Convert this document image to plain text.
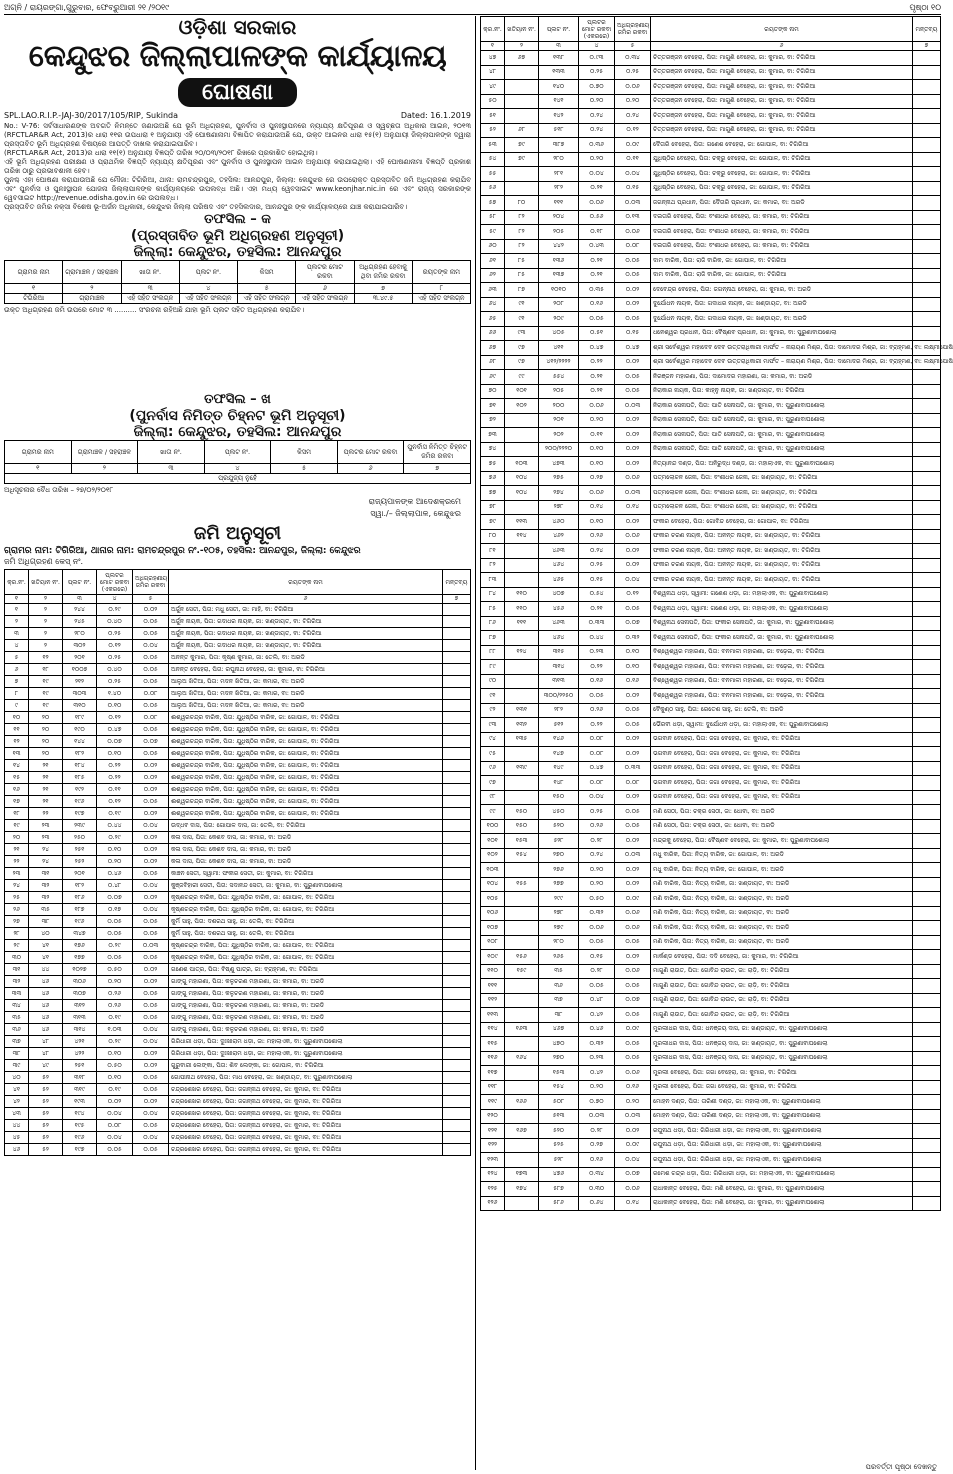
ଅଗ୍ନି / ରାୟରଙ୍ଗା,ଗୁରୁବାର, ଫେବ୍ରୁଆରୀ ୨୧ /୨୦୧୯	ପୃଷ୍ଠା ୧୦
ଓଡ଼ିଶା ସରକାର
କେନ୍ଦୁଝର ଜିଲ୍ଲାପାଳଙ୍କ କାର୍ଯ୍ୟାଳୟ
ଘୋଷଣା
SPL.LAO.R.I.P.-JAJ-30/2017/105/RIP, Sukinda	Dated: 16.1.2019

No.: V-76: ସର୍ବସାଧାରଣଙ୍କ ଅବଗତି ନିମନ୍ତେ ଜଣାଉଅଛି ଯେ ଭୂମି ଅଧିଗ୍ରହଣ, ପୁନର୍ବାସ ଓ ପୁନଃସ୍ଥାପନରେ ନ୍ୟାଯ୍ୟ କ୍ଷତିପୂରଣ ଓ ସ୍ୱଚ୍ଛତା ଅଧିକାର ଆଇନ, ୨୦୧୩ (RFCTLAR&R Act, 2013)ର ଧାରା ୧୧ର ଉପଧାରା ୧ ଅନୁଯାୟୀ ଏହି ଘୋଷଣାନାମା ବିଜ୍ଞାପିତ କରାଯାଉଅଛି ଯେ, ଉକ୍ତ ଆଇନର ଧାରା ୧୫(୧) ଅନୁଯାୟୀ ଜିଲ୍ଲାପାଳଙ୍କ ଦ୍ୱାରା ପ୍ରସ୍ତାବିତ ଭୂମି ଅଧିଗ୍ରହଣ ବିଷୟରେ ଆପତ୍ତି ଦାଖଲ କରାଯାଇପାରିବ।

(RFCTLAR&R Act, 2013)ର ଧାରା ୧୧(୧) ଅନୁଯାୟୀ ବିଜ୍ଞପ୍ତି ତାରିଖ ୨୦/୦୩/୨୦୧୮ ରିଖରେ ପ୍ରକାଶିତ ହୋଇଥିଲା।

ଏହି ଭୂମି ଅଧିଗ୍ରହଣ ପରୀକ୍ଷଣ ଓ ପ୍ରାଥମିକ ବିଜ୍ଞପ୍ତି ନ୍ୟାଯ୍ୟ କ୍ଷତିପୂରଣ ଏବଂ ପୁନର୍ବାସ ଓ ପୁନଃସ୍ଥାପନ ଆଇନ ଅନୁଯାୟୀ କରାଯାଇଥିଲା। ଏହି ଘୋଷଣାନାମା ବିଜ୍ଞପ୍ତି ପ୍ରକାଶ ତାରିଖ ଠାରୁ ପ୍ରଭାବଶାଳୀ ହେବ।

ପୁନଶ୍ଚ ଏହା ଘୋଷଣା କରାଯାଉଅଛି ଯେ ମୌଜା: ଟିଗିରିଆ, ଥାନା: ରାମଚନ୍ଦ୍ରପୁର, ତହସିଲ: ଆନନ୍ଦପୁର, ଜିଲ୍ଲା: କେନ୍ଦୁଝର ରେ ଉପରୋକ୍ତ ପ୍ରସ୍ତାବିତ ଜମି ଅଧିଗ୍ରହଣ କରାଯିବ ଏବଂ ପୁନର୍ବାସ ଓ ପୁନଃସ୍ଥାପନ ଯୋଜନା ଜିଲ୍ଲାପାଳଙ୍କ କାର୍ଯ୍ୟାଳୟରେ ଉପଲବ୍ଧ ଅଛି। ଏହା ମଧ୍ୟ ୱେବସାଇଟ www.keonjhar.nic.in ରେ ଏବଂ ରାଜ୍ୟ ସରକାରଙ୍କ ୱେବସାଇଟ http://revenue.odisha.gov.in ରେ ଉପଲବ୍ଧ।

ପ୍ରସ୍ତାବିତ ଜମିର ନକ୍ସା ବିଶେଷ ଭୂ-ଅର୍ଜନ ଅଧିକାରୀ, କେନ୍ଦୁଝର ଜିଲ୍ଲା ପରିଷଦ ଏବଂ ତହସିଲଦାର, ଆନନ୍ଦପୁର ଙ୍କ କାର୍ଯ୍ୟାଳୟରେ ଯାଞ୍ଚ କରାଯାଇପାରିବ।

ତଫସିଲ – କ
(ପ୍ରସ୍ତାବିତ ଭୂମି ଅଧିଗ୍ରହଣ ଅନୁସୂଚୀ)
ଜିଲ୍ଲା: କେନ୍ଦୁଝର, ତହସିଲ: ଆନନ୍ଦପୁର
ଗ୍ରାମର ନାମ	ଗ୍ରାମାଞ୍ଚଳ / ସହରାଞ୍ଚଳ	ଖାତା ନଂ.	ପ୍ଲଟ ନଂ.	କିସମ	ପ୍ଲଟର ମୋଟ ରକବା	ଅଧିଗ୍ରହଣ ହେବାକୁ ଥିବା ଜମିର ରକବା	ରୟତଙ୍କ ନାମ
୧	୨	୩	୪	୫	୬	୭	୮
ଟିଗିରିଆ	ଗ୍ରାମାଞ୍ଚଳ	ଏହି ସହିତ ସଂଲଗ୍ନ	ଏହି ସହିତ ସଂଲଗ୍ନ	ଏହି ସହିତ ସଂଲଗ୍ନ	ଏହି ସହିତ ସଂଲଗ୍ନ	୩.୪୯.୫	ଏହି ସହିତ ସଂଲଗ୍ନ
ଉକ୍ତ ଅଧିଗ୍ରହଣ ଜମି ଉପରେ ମୋଟ ୩ .......... ସଂରଚନା ରହିଅଛି ଯାହା ଭୂମି ପ୍ଲଟ ସହିତ ଅଧିଗ୍ରହଣ କରାଯିବ।
ତଫସିଲ – ଖ
(ପୁନର୍ବାସ ନିମିତ୍ତ ଚିହ୍ନଟ ଭୂମି ଅନୁସୂଚୀ)
ଜିଲ୍ଲା: କେନ୍ଦୁଝର, ତହସିଲ: ଆନନ୍ଦପୁର
ଗ୍ରାମର ନାମ	ଗ୍ରାମାଞ୍ଚଳ / ସହରାଞ୍ଚଳ	ଖାତା ନଂ.	ପ୍ଲଟ ନଂ.	କିସମ	ପ୍ଲଟର ମୋଟ ରକବା	ପୁନର୍ବାସ ନିମିତ୍ତ ଚିହ୍ନଟ ଜମିର ରକବା
୧	୨	୩	୪	୫	୬	୭
ପ୍ରଯୁଜ୍ୟ ନୁହେଁ						
ଅଧିସୂଚନାର ବୈଧ ତାରିଖ – ୨୭/୦୨/୨୦୧୮
ରାଜ୍ୟପାଳଙ୍କ ଆଦେଶକ୍ରମେ
ସ୍ୱା./– ଜିଲ୍ଲାପାଳ, କେନ୍ଦୁଝର
ଜମି ଅନୁସୂଚୀ
ଗ୍ରାମର ନାମ: ଟିଗିରିଆ, ଥାନାର ନାମ: ରାମଚନ୍ଦ୍ରପୁର ନଂ.-୧୦୫, ତହସିଲ: ଆନନ୍ଦପୁର, ଜିଲ୍ଲା: କେନ୍ଦୁଝର
ଜମି ଅଧିଗ୍ରହଣ କେସ୍ ନଂ.
କ୍ର.ନଂ.	ଖତିୟାନ ନଂ.	ପ୍ଲଟ ନଂ.	ପ୍ଲଟର ମୋଟ ରକବା (ଏକରରେ)	ଅଧିଗ୍ରହଣୀୟ ଜମିର ରକବା	ରୟତଙ୍କ ନାମ	ମନ୍ତବ୍ୟ
୧	୨	୩	୪	୫	୬	୭
୧	୨	୨୪୪	୦.୨୯	୦.୦୨	ଅର୍ଜୁନ ସେତୀ, ପିତା: ମଧୁ ସେତୀ, ଜା: ମାହି, ବା: ଟିଗିରିଆ	
୨	୨	୨୪୫	୦.୪୦	୦.୦୫	ଅର୍ଜୁନ ନାୟକ, ପିତା: ଗଦାଧର ନାୟକ, ଜା: ଖଣ୍ଡାୟତ, ବା: ଟିଗିରିଆ	
୩	୨	୨୮୦	୦.୨୫	୦.୦୫	ଅର୍ଜୁନ ନାୟକ, ପିତା: ଗଦାଧର ନାୟକ, ଜା: ଖଣ୍ଡାୟତ, ବା: ଟିଗିରିଆ	
୪	୨	୩୦୨	୦.୧୨	୦.୦୪	ଅର୍ଜୁନ ନାୟକ, ପିତା: ଗଦାଧର ନାୟକ, ଜା: ଖଣ୍ଡାୟତ, ବା: ଟିଗିରିଆ	
୫	୧୨	୨୦୧	୦.୨୫	୦.୦୫	ଅନନ୍ତ କୁମାର, ପିତା: କୃଷ୍ଣ କୁମାର, ଜା: ତେଲି, ବା: ଅରଡି	
୬	୧୮	୧୦୦୭	୦.୪୦	୦.୦୫	ଅନନ୍ତ ବେହେରା, ପିତା: ରଘୁନାଥ ବେହେରା, ଜା: କୁମାର, ବା: ଟିଗିରିଆ	
୭	୧୯	୨୧୨	୦.୨୫	୦.୦୫	ଆଲୁଅ ଖିତିଆ, ପିତା: ମଦନ ଖିତିଆ, ଜା: କମାର, ବା: ଅରଡି	
୮	୧୯	୩୦୩	୧.୪୦	୦.୦୮	ଆଲୁଅ ଖିତିଆ, ପିତା: ମଦନ ଖିତିଆ, ଜା: କମାର, ବା: ଅରଡି	
୯	୧୯	୩୧୦	୦.୧୦	୦.୦୫	ଆଲୁଅ ଖିତିଆ, ପିତା: ମଦନ ଖିତିଆ, ଜା: କମାର, ବା: ଅରଡି	
୧୦	୨୦	୧୮୯	୦.୧୨	୦.୦୮	ଈଶ୍ୱରଚନ୍ଦ୍ର ବାରିକ, ପିତା: ଯୁଧିଷ୍ଠିର ବାରିକ, ଜା: ଗୋପାଳ, ବା: ଟିଗିରିଆ	
୧୧	୨୦	୧୯୦	୦.୪୭	୦.୦୫	ଈଶ୍ୱରଚନ୍ଦ୍ର ବାରିକ, ପିତା: ଯୁଧିଷ୍ଠିର ବାରିକ, ଜା: ଗୋପାଳ, ବା: ଟିଗିରିଆ	
୧୨	୨୦	୧୪୪	୦.୦୭	୦.୦୭	ଈଶ୍ୱରଚନ୍ଦ୍ର ବାରିକ, ପିତା: ଯୁଧିଷ୍ଠିର ବାରିକ, ଜା: ଗୋପାଳ, ବା: ଟିଗିରିଆ	
୧୩	୨୦	୧୮୨	୦.୧୦	୦.୦୫	ଈଶ୍ୱରଚନ୍ଦ୍ର ବାରିକ, ପିତା: ଯୁଧିଷ୍ଠିର ବାରିକ, ଜା: ଗୋପାଳ, ବା: ଟିଗିରିଆ	
୧୪	୨୧	୧୮୪	୦.୨୨	୦.୦୨	ଈଶ୍ୱରଚନ୍ଦ୍ର ବାରିକ, ପିତା: ଯୁଧିଷ୍ଠିର ବାରିକ, ଜା: ଗୋପାଳ, ବା: ଟିଗିରିଆ	
୧୫	୨୧	୧୮୫	୦.୨୨	୦.୦୨	ଈଶ୍ୱରଚନ୍ଦ୍ର ବାରିକ, ପିତା: ଯୁଧିଷ୍ଠିର ବାରିକ, ଜା: ଗୋପାଳ, ବା: ଟିଗିରିଆ	
୧୬	୨୧	୧୯୨	୦.୧୧	୦.୦୨	ଈଶ୍ୱରଚନ୍ଦ୍ର ବାରିକ, ପିତା: ଯୁଧିଷ୍ଠିର ବାରିକ, ଜା: ଗୋପାଳ, ବା: ଟିଗିରିଆ	
୧୭	୨୧	୧୯୬	୦.୧୨	୦.୦୫	ଈଶ୍ୱରଚନ୍ଦ୍ର ବାରିକ, ପିତା: ଯୁଧିଷ୍ଠିର ବାରିକ, ଜା: ଗୋପାଳ, ବା: ଟିଗିରିଆ	
୧୮	୨୨	୧୯୭	୦.୧୯	୦.୦୨	ଈଶ୍ୱରଚନ୍ଦ୍ର ବାରିକ, ପିତା: ଯୁଧିଷ୍ଠିର ବାରିକ, ଜା: ଗୋପାଳ, ବା: ଟିଗିରିଆ	
୧୯	୨୩	୨୩୯	୦.୪୪	୦.୦୪	ଉଦ୍ଧବ ଦାସ, ପିତା: ଗୋପାଳ ଦାସ, ଜା: ତେଲି, ବା: ଟିଗିରିଆ	
୨୦	୨୩	୨୫୦	୦.୨୯	୦.୦୨	କଳା ଦାସ, ପିତା: କେଶବ ଦାସ, ଜା: କମାର, ବା: ଅରଡି	
୨୧	୨୪	୨୫୧	୦.୧୦	୦.୦୨	କଳା ଦାସ, ପିତା: କେଶବ ଦାସ, ଜା: କମାର, ବା: ଅରଡି	
୨୨	୨୪	୨୫୨	୦.୨୦	୦.୦୨	କଳା ଦାସ, ପିତା: କେଶବ ଦାସ, ଜା: କମାର, ବା: ଅରଡି	
୨୩	୩୧	୨୦୧	୦.୪୬	୦.୦୫	କାଞ୍ଚନ ସେତୀ, ସ୍ୱାମୀ: ଫକୀର ସେତୀ, ଜା: କୁମାର, ବା: ଟିଗିରିଆ	
୨୪	୩୨	୧୮୨	୦.୪୮	୦.୦୪	କୁଞ୍ଜବିହାରୀ ସେତୀ, ପିତା: ସଦାନନ୍ଦ ସେତୀ, ଜା: କୁମାର, ବା: ପୁରୁଣାବାଘଶୋଲା	
୨୫	୩୨	୧୮୬	୦.୦୭	୦.୦୨	କୃଷ୍ଣଚନ୍ଦ୍ର ବାରିକ, ପିତା: ଯୁଧିଷ୍ଠିର ବାରିକ, ଜା: ଗୋପାଳ, ବା: ଟିଗିରିଆ	
୨୬	୩୫	୧୮୭	୦.୧୭	୦.୦୪	କୃଷ୍ଣଚନ୍ଦ୍ର ବାରିକ, ପିତା: ଯୁଧିଷ୍ଠିର ବାରିକ, ଜା: ଗୋପାଳ, ବା: ଟିଗିରିଆ	
୨୭	୩୮	୧୯୬	୦.୦୫	୦.୦୫	କୁର୍ମି ସାହୁ, ପିତା: ଦଶରଥ ସାହୁ, ଜା: ତେଲି, ବା: ଟିଗିରିଆ	
୨୮	୪୦	୩୪୭	୦.୦୫	୦.୦୫	କୁର୍ମି ସାହୁ, ପିତା: ଦଶରଥ ସାହୁ, ଜା: ତେଲି, ବା: ଟିଗିରିଆ	
୨୯	୪୧	୧୭୬	୦.୨୯	୦.୦୩	କୃଷ୍ଣଚନ୍ଦ୍ର ବାରିକ, ପିତା: ଯୁଧିଷ୍ଠିର ବାରିକ, ଜା: ଗୋପାଳ, ବା: ଟିଗିରିଆ	
୩୦	୪୧	୧୭୭	୦.୦୫	୦.୦୫	କୃଷ୍ଣଚନ୍ଦ୍ର ବାରିକ, ପିତା: ଯୁଧିଷ୍ଠିର ବାରିକ, ଜା: ଗୋପାଳ, ବା: ଟିଗିରିଆ	
୩୧	୪୪	୧୦୨୭	୦.୫୦	୦.୦୨	ଗଣେଶ ପାତ୍ର, ପିତା: ବିଷ୍ଣୁ ପାତ୍ର, ଜା: ବ୍ରାହ୍ମଣ, ବା: ଟିଗିରିଆ	
୩୨	୪୬	୩୦୬	୦.୨୦	୦.୦୨	ଗାଙ୍ଗୁ ମହାରଣା, ପିତା: କଳୁଚରଣ ମହାରଣା, ଜା: କମାର, ବା: ଅରଡି	
୩୩	୪୬	୩୦୭	୦.୨୬	୦.୦୫	ଗାଙ୍ଗୁ ମହାରଣା, ପିତା: କଳୁଚରଣ ମହାରଣା, ଜା: କମାର, ବା: ଅରଡି	
୩୪	୪୬	୩୧୨	୦.୨୬	୦.୦୫	ଗାଙ୍ଗୁ ମହାରଣା, ପିତା: କଳୁଚରଣ ମହାରଣା, ଜା: କମାର, ବା: ଅରଡି	
୩୫	୪୬	୩୧୩	୦.୧୯	୦.୦୫	ଗାଙ୍ଗୁ ମହାରଣା, ପିତା: କଳୁଚରଣ ମହାରଣା, ଜା: କମାର, ବା: ଅରଡି	
୩୬	୪୬	୩୧୪	୧.୦୩	୦.୦୪	ଗାଙ୍ଗୁ ମହାରଣା, ପିତା: କଳୁଚରଣ ମହାରଣା, ଜା: କମାର, ବା: ଅରଡି	
୩୭	୪୮	୪୨୧	୦.୨୯	୦.୦୪	ଗିରିଧାରୀ ଧଡ଼ା, ପିତା: ଦୁଃଖୀରାମ ଧଡ଼ା, ଜା: ମହାଲାଏକ, ବା: ପୁରୁଣାବାଘଶୋଲା	
୩୮	୪୮	୪୨୨	୦.୧୦	୦.୦୨	ଗିରିଧାରୀ ଧଡ଼ା, ପିତା: ଦୁଃଖୀରାମ ଧଡ଼ା, ଜା: ମହାଲାଏକ, ବା: ପୁରୁଣାବାଘଶୋଲା	
୩୯	୪୯	୨୫୧	୦.୫୦	୦.୦୨	ଗୁରୁବାରୀ ଲେଙ୍କା, ପିତା: ଶିବ ଲେଙ୍କା, ଜା: ଗୋପାଳ, ବା: ଟିଗିରିଆ	
୪୦	୫୨	୩୧୮	୦.୧୦	୦.୦୫	ଗୋପୀନାଥ ବେହେରା, ପିତା: ମାଧ ବେହେରା, ଜା: ଖଣ୍ଡାୟତ, ବା: ପୁରୁଣାବାଘଶୋଲା	
୪୧	୫୨	୩୧୯	୦.୧୯	୦.୦୫	ଚନ୍ଦ୍ରଶେଖର ବେହେରା, ପିତା: ଜଗନ୍ନାଥ ବେହେରା, ଜା: କୁମାର, ବା: ଟିଗିରିଆ	
୪୨	୫୨	୧୯୩	୦.୦୨	୦.୦୨	ଚନ୍ଦ୍ରଶେଖର ବେହେରା, ପିତା: ଜଗନ୍ନାଥ ବେହେରା, ଜା: କୁମାର, ବା: ଟିଗିରିଆ	
୪୩	୫୨	୧୯୪	୦.୦୪	୦.୦୪	ଚନ୍ଦ୍ରଶେଖର ବେହେରା, ପିତା: ଜଗନ୍ନାଥ ବେହେରା, ଜା: କୁମାର, ବା: ଟିଗିରିଆ	
୪୪	୫୨	୧୯୫	୦.୦୮	୦.୦୫	ଚନ୍ଦ୍ରଶେଖର ବେହେରା, ପିତା: ଜଗନ୍ନାଥ ବେହେରା, ଜା: କୁମାର, ବା: ଟିଗିରିଆ	
୪୫	୫୨	୧୯୬	୦.୦୪	୦.୦୪	ଚନ୍ଦ୍ରଶେଖର ବେହେରା, ପିତା: ଜଗନ୍ନାଥ ବେହେରା, ଜା: କୁମାର, ବା: ଟିଗିରିଆ	
୪୬	୫୨	୧୯୭	୦.୦୫	୦.୦୫	ଚନ୍ଦ୍ରଶେଖର ବେହେରା, ପିତା: ଜଗନ୍ନାଥ ବେହେରା, ଜା: କୁମାର, ବା: ଟିଗିରିଆ	
କ୍ର.ନଂ.	ଖତିୟାନ ନଂ.	ପ୍ଲଟ ନଂ.	ପ୍ଲଟର ମୋଟ ରକବା (ଏକରରେ)	ଅଧିଗ୍ରହଣୀୟ ଜମିର ରକବା	ରୟତଙ୍କ ନାମ	ମନ୍ତବ୍ୟ
୧	୨	୩	୪	୫	୬	୭
୪୭	୬୭	୧୩୮	୦.୯୩	୦.୩୪	ଚିତ୍ତରଞ୍ଜନ ବେହେରା, ପିତା: ମାଗୁଣି ବେହେରା, ଜା: କୁମାର, ବା: ଟିଗିରିଆ	
୪୮		୧୩୩	୦.୨୫	୦.୨୫	ଚିତ୍ତରଞ୍ଜନ ବେହେରା, ପିତା: ମାଗୁଣି ବେହେରା, ଜା: କୁମାର, ବା: ଟିଗିରିଆ	
୪୯		୧୪୦	୦.୭୦	୦.୦୬	ଚିତ୍ତରଞ୍ଜନ ବେହେରା, ପିତା: ମାଗୁଣି ବେହେରା, ଜା: କୁମାର, ବା: ଟିଗିରିଆ	
୫୦		୧୪୧	୦.୨୦	୦.୨୦	ଚିତ୍ତରଞ୍ଜନ ବେହେରା, ପିତା: ମାଗୁଣି ବେହେରା, ଜା: କୁମାର, ବା: ଟିଗିରିଆ	
୫୧		୧୪୨	୦.୨୪	୦.୨୪	ଚିତ୍ତରଞ୍ଜନ ବେହେରା, ପିତା: ମାଗୁଣି ବେହେରା, ଜା: କୁମାର, ବା: ଟିଗିରିଆ	
୫୨	୬୮	୫୧୮	୦.୨୪	୦.୧୨	ଚିତ୍ତରଞ୍ଜନ ବେହେରା, ପିତା: ମାଗୁଣି ବେହେରା, ଜା: କୁମାର, ବା: ଟିଗିରିଆ	
୫୩	୭୯	୩୮୭	୦.୩୬	୦.୦୯	ଦୈତାରି ବେହେରା, ପିତା: ଗଣେଶ ବେହେରା, ଜା: ଗୋପାଳ, ବା: ଟିଗିରିଆ	
୫୪	୭୯	୨୮୦	୦.୨୦	୦.୧୧	ଯୁଧିଷ୍ଠିର ବେହେରା, ପିତା: ଚକ୍ରୁ ବେହେରା, ଜା: ଗୋପାଳ, ବା: ଟିଗିରିଆ	
୫୫		୨୮୧	୦.୦୪	୦.୦୪	ଯୁଧିଷ୍ଠିର ବେହେରା, ପିତା: ଚକ୍ରୁ ବେହେରା, ଜା: ଗୋପାଳ, ବା: ଟିଗିରିଆ	
୫୬		୨୮୨	୦.୨୧	୦.୧୫	ଯୁଧିଷ୍ଠିର ବେହେରା, ପିତା: ଚକ୍ରୁ ବେହେରା, ଜା: ଗୋପାଳ, ବା: ଟିଗିରିଆ	
୫୭	୮୦	୧୧୧	୦.୦୬	୦.୦୩	ଜଗନ୍ନାଥ ପ୍ରଧାନ, ପିତା: ଦୈତାରି ପ୍ରଧାନ, ଜା: କମାର, ବା: ଅରଡି	
୫୮	୮୨	୨୦୪	୦.୫୬	୦.୧୩	ଦଇତାରି ବେହେରା, ପିତା: ବଂଶୀଧର ବେହେରା, ଜା: କମାର, ବା: ଟିଗିରିଆ	
୫୯	୮୨	୨୦୫	୦.୧୮	୦.୦୬	ଦଇତାରି ବେହେରା, ପିତା: ବଂଶୀଧର ବେହେରା, ଜା: କମାର, ବା: ଟିଗିରିଆ	
୬୦	୮୨	୪୪୨	୦.୪୩	୦.୦୮	ଦଇତାରି ବେହେରା, ପିତା: ବଂଶୀଧର ବେହେରା, ଜା: କମାର, ବା: ଟିଗିରିଆ	
୬୧	୮୫	୧୩୬	୦.୨୧	୦.୦୫	ଦାମ ବାରିକ, ପିତା: ରାଜି ବାରିକ, ଜା: ଗୋପାଳ, ବା: ଟିଗିରିଆ	
୬୨	୮୫	୧୩୭	୦.୨୧	୦.୦୫	ଦାମ ବାରିକ, ପିତା: ରାଜି ବାରିକ, ଜା: ଗୋପାଳ, ବା: ଟିଗିରିଆ	
୬୩	୮୭	୧୦୧୦	୦.୩୫	୦.୦୨	ଦେବେନ୍ଦ୍ର ବେହେରା, ପିତା: ଜଗନ୍ନାଥ ବେହେରା, ଜା: କୁମାର, ବା: ଅରଡି	
୬୪	୯୧	୨୦୮	୦.୧୬	୦.୦୨	ଦୁର୍ଯୋଧନ ନାୟକ, ପିତା: ଗଦାଧର ନାୟକ, ଜା: ଖଣ୍ଡାୟତ, ବା: ଅରଡି	
୬୫	୯୧	୨୦୯	୦.୦୫	୦.୦୫	ଦୁର୍ଯୋଧନ ନାୟକ, ପିତା: ଗଦାଧର ନାୟକ, ଜା: ଖଣ୍ଡାୟତ, ବା: ଅରଡି	
୬୬	୯୩	୪୦୫	୦.୫୧	୦.୧୫	ଧନେଶ୍ୱର ପ୍ରଧାନ, ପିତା: ବୈଷ୍ଣବ ପ୍ରଧାନ, ଜା: କୁମାର, ବା: ପୁରୁଣାବାଘଶୋଲା	
୬୭	୯୭	୪୧୧	୦.୪୭	୦.୪୭	ଶ୍ରୀ ସର୍ବେଶ୍ୱର ମହାଦେବ ଦେବ ଉତ୍ତରାଧିକାରୀ ମାର୍ଫତ – ନାରାୟଣ ମିଶ୍ର, ପିତା: ଦାମୋଦର ମିଶ୍ର, ଜା: ବ୍ରାହ୍ମଣ, ବା: ଲକ୍ଷ୍ମୀପୋଷି	
୬୮	୯୭	୪୧୨/୨୨୨୨	୦.୨୨	୦.୦୨	ଶ୍ରୀ ସର୍ବେଶ୍ୱର ମହାଦେବ ଦେବ ଉତ୍ତରାଧିକାରୀ ମାର୍ଫତ – ନାରାୟଣ ମିଶ୍ର, ପିତା: ଦାମୋଦର ମିଶ୍ର, ଜା: ବ୍ରାହ୍ମଣ, ବା: ଲକ୍ଷ୍ମୀପୋଷି	
୬୯	୯୯	୫୫୪	୦.୨୧	୦.୦୫	ନିରଞ୍ଜନ ମହାରଣା, ପିତା: ଦାମୋଦର ମହାରଣା, ଜା: କମାର, ବା: ଅରଡି	
୭୦	୧୦୧	୨୦୫	୦.୨୧	୦.୦୫	ନିରାକାର ନାୟକ, ପିତା: କାହ୍ନୁ ନାୟକ, ଜା: ଖଣ୍ଡାୟତ, ବା: ଟିଗିରିଆ	
୭୧	୧୦୨	୨୦୦	୦.୦୬	୦.୦୩	ନିରାକାର ସେନାପତି, ପିତା: ପାତି ସେନାପତି, ଜା: କୁମାର, ବା: ପୁରୁଣାବାଘଶୋଲା	
୭୨		୨୦୧	୦.୨୦	୦.୦୨	ନିରାକାର ସେନାପତି, ପିତା: ପାତି ସେନାପତି, ଜା: କୁମାର, ବା: ପୁରୁଣାବାଘଶୋଲା	
୭୩		୨୦୨	୦.୧୧	୦.୦୨	ନିରାକାର ସେନାପତି, ପିତା: ପାତି ସେନାପତି, ଜା: କୁମାର, ବା: ପୁରୁଣାବାଘଶୋଲା	
୭୪		୨୦୦/୨୨୨୦	୦.୧୦	୦.୦୨	ନିରାକାର ସେନାପତି, ପିତା: ପାତି ସେନାପତି, ଜା: କୁମାର, ବା: ପୁରୁଣାବାଘଶୋଲା	
୭୫	୧୦୩	୪୭୩	୦.୧୦	୦.୦୨	ନିତ୍ୟାନନ୍ଦ ଦଣ୍ଡ, ପିତା: ଅନିରୁଦ୍ଧ ଦଣ୍ଡ, ଜା: ମହାଲାଏକ, ବା: ପୁରୁଣାବାଘଶୋଲା	
୭୬	୧୦୪	୨୭୫	୦.୨୭	୦.୦୬	ପତ୍ମଲୋଚନ ଜେନା, ପିତା: ବଂଶୀଧର ଜେନା, ଜା: ଖଣ୍ଡାୟତ, ବା: ଟିଗିରିଆ	
୭୭	୧୦୪	୨୭୪	୦.୦୬	୦.୦୩	ପତ୍ମଲୋଚନ ଜେନା, ପିତା: ବଂଶୀଧର ଜେନା, ଜା: ଖଣ୍ଡାୟତ, ବା: ଟିଗିରିଆ	
୭୮		୨୭୮	୦.୧୪	୦.୧୪	ପତ୍ମଲୋଚନ ଜେନା, ପିତା: ବଂଶୀଧର ଜେନା, ଜା: ଖଣ୍ଡାୟତ, ବା: ଟିଗିରିଆ	
୭୯	୧୧୩	୪୬୦	୦.୧୦	୦.୦୨	ଫକୀର ବେହେରା, ପିତା: ଗୋବିନ୍ଦ ବେହେରା, ଜା: ଗୋପାଳ, ବା: ଟିଗିରିଆ	
୮୦	୧୧୪	୪୬୨	୦.୨୬	୦.୦୬	ଫକୀର ଚରଣ ନାୟକ, ପିତା: ଅନନ୍ତ ନାୟକ, ଜା: ଖଣ୍ଡାୟତ, ବା: ଟିଗିରିଆ	
୮୧		୪୬୩	୦.୨୪	୦.୦୨	ଫକୀର ଚରଣ ନାୟକ, ପିତା: ଅନନ୍ତ ନାୟକ, ଜା: ଖଣ୍ଡାୟତ, ବା: ଟିଗିରିଆ	
୮୨		୪୬୪	୦.୨୫	୦.୦୨	ଫକୀର ଚରଣ ନାୟକ, ପିତା: ଅନନ୍ତ ନାୟକ, ଜା: ଖଣ୍ଡାୟତ, ବା: ଟିଗିରିଆ	
୮୩		୪୬୫	୦.୧୫	୦.୦୪	ଫକୀର ଚରଣ ନାୟକ, ପିତା: ଅନନ୍ତ ନାୟକ, ଜା: ଖଣ୍ଡାୟତ, ବା: ଟିଗିରିଆ	
୮୪	୧୧୦	୪୦୭	୦.୫୪	୦.୧୨	ବିଶ୍ୱନାଥ ଧଡ଼ା, ସ୍ୱାମୀ: ଗଣେଶ ଧଡ଼ା, ଜା: ମହାଲାଏକ, ବା: ପୁରୁଣାବାଘଶୋଲା	
୮୫	୧୧୦	୪୫୬	୦.୨୧	୦.୦୫	ବିଶ୍ୱନାଥ ଧଡ଼ା, ସ୍ୱାମୀ: ଗଣେଶ ଧଡ଼ା, ଜା: ମହାଲାଏକ, ବା: ପୁରୁଣାବାଘଶୋଲା	
୮୬	୧୧୧	୪୬୩	୦.୩୩	୦.୦୭	ବିଶ୍ୱନାଥ ସେନାପତି, ପିତା: ଫକୀର ସେନାପତି, ଜା: କୁମାର, ବା: ପୁରୁଣାବାଘଶୋଲା	
୮୭		୪୬୪	୦.୪୪	୦.୩୨	ବିଶ୍ୱନାଥ ସେନାପତି, ପିତା: ଫକୀର ସେନାପତି, ଜା: କୁମାର, ବା: ପୁରୁଣାବାଘଶୋଲା	
୮୮	୧୨୪	୩୧୫	୦.୨୩	୦.୧୦	ବିଶ୍ୱେଶ୍ୱର ମହାରଣା, ପିତା: ବନମାଳୀ ମହାରଣା, ଜା: ବଢ଼େଇ, ବା: ଟିଗିରିଆ	
୮୯		୩୧୪	୦.୨୨	୦.୧୦	ବିଶ୍ୱେଶ୍ୱର ମହାରଣା, ପିତା: ବନମାଳୀ ମହାରଣା, ଜା: ବଢ଼େଇ, ବା: ଟିଗିରିଆ	
୯୦		୩୧୩	୦.୧୬	୦.୧୬	ବିଶ୍ୱେଶ୍ୱର ମହାରଣା, ପିତା: ବନମାଳୀ ମହାରଣା, ଜା: ବଢ଼େଇ, ବା: ଟିଗିରିଆ	
୯୧		୩୦୦/୨୨୫୦	୦.୦୫	୦.୦୨	ବିଶ୍ୱେଶ୍ୱର ମହାରଣା, ପିତା: ବନମାଳୀ ମହାରଣା, ଜା: ବଢ଼େଇ, ବା: ଟିଗିରିଆ	
୯୨	୧୩୧	୨୮୨	୦.୨୬	୦.୦୫	ବୈକୁଣ୍ଠ ସାହୁ, ପିତା: ରେତେଶ ସାହୁ, ଜା: ତେଲି, ବା: ଅରଡି	
୯୩	୧୩୨	୫୧୨	୦.୨୨	୦.୦୫	ଭୈରବୀ ଧଡ଼ା, ସ୍ୱାମୀ: ଦୁର୍ଯୋଧନ ଧଡ଼ା, ଜା: ମହାଲାଏକ, ବା: ପୁରୁଣାବାଘଶୋଲା	
୯୪	୧୩୫	୧୪୬	୦.୦୮	୦.୦୨	ଭଗବାନ ବେହେରା, ପିତା: ଜଗା ବେହେରା, ଜା: କୁମାର, ବା: ଟିଗିରିଆ	
୯୫		୧୪୭	୦.୦୮	୦.୦୨	ଭଗବାନ ବେହେରା, ପିତା: ଜଗା ବେହେରା, ଜା: କୁମାର, ବା: ଟିଗିରିଆ	
୯୬	୧୩୯	୧୪୯	୦.୪୭	୦.୩୩	ଭଗବାନ ବେହେରା, ପିତା: ଜଗା ବେହେରା, ଜା: କୁମାର, ବା: ଟିଗିରିଆ	
୯୭		୧୪୮	୦.୦୮	୦.୦୮	ଭଗବାନ ବେହେରା, ପିତା: ଜଗା ବେହେରା, ଜା: କୁମାର, ବା: ଟିଗିରିଆ	
୯୮		୧୫୦	୦.୦୪	୦.୦୨	ଭଗବାନ ବେହେରା, ପିତା: ଜଗା ବେହେରା, ଜା: କୁମାର, ବା: ଟିଗିରିଆ	
୯୯	୧୫୦	୪୫୦	୦.୨୫	୦.୦୫	ମଣି ସେଠୀ, ପିତା: ଚକ୍ର ସେଠୀ, ଜା: ଧୋବା, ବା: ଅରଡି	
୧୦୦	୧୫୦	୫୨୦	୦.୨୬	୦.୦୫	ମଣି ସେଠୀ, ପିତା: ଚକ୍ର ସେଠୀ, ଜା: ଧୋବା, ବା: ଅରଡି	
୧୦୧	୧୫୩	୫୨୮	୦.୨୮	୦.୦୨	ମନ୍ଦ୍ରକୁ ବେହେରା, ପିତା: ବୈଷ୍ଣବ ବେହେରା, ଜା: କୁମାର, ବା: ପୁରୁଣାବାଘଶୋଲା	
୧୦୨	୧୫୪	୨୭୦	୦.୨୪	୦.୦୩	ମଧୁ ବାରିକ, ପିତା: ନିତ୍ୟ ବାରିକ, ଜା: ଗୋପାଳ, ବା: ଅରଡି	
୧୦୩		୨୭୬	୦.୨୦	୦.୦୨	ମଧୁ ବାରିକ, ପିତା: ନିତ୍ୟ ବାରିକ, ଜା: ଗୋପାଳ, ବା: ଅରଡି	
୧୦୪	୧୫୫	୨୭୭	୦.୨୦	୦.୦୨	ମଣି ବାରିକ, ପିତା: ନିତ୍ୟ ବାରିକ, ଜା: ଖଣ୍ଡାୟତ, ବା: ଅରଡି	
୧୦୫		୨୯୯	୦.୫୦	୦.୦୯	ମଣି ବାରିକ, ପିତା: ନିତ୍ୟ ବାରିକ, ଜା: ଖଣ୍ଡାୟତ, ବା: ଅରଡି	
୧୦୬		୨୭୮	୦.୩୨	୦.୦୬	ମଣି ବାରିକ, ପିତା: ନିତ୍ୟ ବାରିକ, ଜା: ଖଣ୍ଡାୟତ, ବା: ଅରଡି	
୧୦୭		୨୭୯	୦.୦୬	୦.୦୬	ମଣି ବାରିକ, ପିତା: ନିତ୍ୟ ବାରିକ, ଜା: ଖଣ୍ଡାୟତ, ବା: ଅରଡି	
୧୦୮		୨୮୦	୦.୦୫	୦.୦୫	ମଣି ବାରିକ, ପିତା: ନିତ୍ୟ ବାରିକ, ଜା: ଖଣ୍ଡାୟତ, ବା: ଅରଡି	
୧୦୯	୧୫୬	୨୬୫	୦.୧୫	୦.୦୨	ମାର୍କଣ୍ଡ ବେହେରା, ପିତା: ଦଦି ବେହେରା, ଜା: କୁମାର, ବା: ଟିଗିରିଆ	
୧୧୦	୧୫୯	୩୫	୦.୨୮	୦.୦୬	ମାଗୁଣି ରାଉତ, ପିତା: ଗୋବିନ୍ଦ ରାଉତ, ଜା: ରାଡ଼ି, ବା: ଟିଗିରିଆ	
୧୧୧		୩୬	୦.୦୫	୦.୦୫	ମାଗୁଣି ରାଉତ, ପିତା: ଗୋବିନ୍ଦ ରାଉତ, ଜା: ରାଡ଼ି, ବା: ଟିଗିରିଆ	
୧୧୨		୩୭	୦.୪୮	୦.୦୭	ମାଗୁଣି ରାଉତ, ପିତା: ଗୋବିନ୍ଦ ରାଉତ, ଜା: ରାଡ଼ି, ବା: ଟିଗିରିଆ	
୧୧୩		୩୮	୦.୪୨	୦.୦୫	ମାଗୁଣି ରାଉତ, ପିତା: ଗୋବିନ୍ଦ ରାଉତ, ଜା: ରାଡ଼ି, ବା: ଟିଗିରିଆ	
୧୧୪	୧୬୩	୪୬୭	୦.୪୬	୦.୦୯	ମୁରଲୀଧର ଦାସ, ପିତା: ଧନଞ୍ଜୟ ଦାସ, ଜା: ଖଣ୍ଡାୟତ, ବା: ପୁରୁଣାବାଘଶୋଲା	
୧୧୫		୪୭୦	୦.୩୨	୦.୦୫	ମୁରଲୀଧର ଦାସ, ପିତା: ଧନଞ୍ଜୟ ଦାସ, ଜା: ଖଣ୍ଡାୟତ, ବା: ପୁରୁଣାବାଘଶୋଲା	
୧୧୬	୧୬୪	୨୭୦	୦.୨୩	୦.୦୫	ମୁରଲୀଧର ଦାସ, ପିତା: ଧନଞ୍ଜୟ ଦାସ, ଜା: ଖଣ୍ଡାୟତ, ବା: ପୁରୁଣାବାଘଶୋଲା	
୧୧୭		୧୫୩	୦.୪୨	୦.୦୬	ମୁରଲୀ ବେହେରା, ପିତା: ଜଗା ବେହେରା, ଜା: କୁମାର, ବା: ଟିଗିରିଆ	
୧୧୮		୧୫୪	୦.୨୦	୦.୧୬	ମୁରଲୀ ବେହେରା, ପିତା: ଜଗା ବେହେରା, ଜା: କୁମାର, ବା: ଟିଗିରିଆ	
୧୧୯	୧୬୬	୫୦୮	୦.୭୦	୦.୨୦	ମୋହନ ଦଣ୍ଡ, ପିତା: ତାରିଣୀ ଦଣ୍ଡ, ଜା: ମହାଲାଏକ, ବା: ପୁରୁଣାବାଘଶୋଲା	
୧୨୦		୫୧୩	୦.୦୩	୦.୦୩	ମୋହନ ଦଣ୍ଡ, ପିତା: ତାରିଣୀ ଦଣ୍ଡ, ଜା: ମହାଲାଏକ, ବା: ପୁରୁଣାବାଘଶୋଲା	
୧୨୧	୧୬୭	୫୨୦	୦.୨୮	୦.୦୨	ରଘୁନାଥ ଧଡ଼ା, ପିତା: ଗିରିଧାରୀ ଧଡ଼ା, ଜା: ମହାଲାଏକ, ବା: ପୁରୁଣାବାଘଶୋଲା	
୧୨୨		୫୨୫	୦.୨୭	୦.୦୯	ରଘୁନାଥ ଧଡ଼ା, ପିତା: ଗିରିଧାରୀ ଧଡ଼ା, ଜା: ମହାଲାଏକ, ବା: ପୁରୁଣାବାଘଶୋଲା	
୧୨୩		୫୨୮	୦.୧୬	୦.୦୪	ରଘୁନାଥ ଧଡ଼ା, ପିତା: ଗିରିଧାରୀ ଧଡ଼ା, ଜା: ମହାଲାଏକ, ବା: ପୁରୁଣାବାଘଶୋଲା	
୧୨୪	୧୭୩	୪୭୬	୦.୩୪	୦.୦୭	ରମେଶ ଚନ୍ଦ୍ର ଧଡ଼ା, ପିତା: ଗିରିଧାରୀ ଧଡ଼ା, ଜା: ମହାଲାଏକ, ବା: ପୁରୁଣାବାଘଶୋଲା	
୧୨୫	୧୭୪	୫୮୭	୦.୩୦	୦.୦୬	ରାଧାକାନ୍ତ ବେହେରା, ପିତା: ମଣି ବେହେରା, ଜା: କୁମାର, ବା: ପୁରୁଣାବାଘଶୋଲା	
୧୨୬		୫୮୬	୦.୬୪	୦.୧୪	ରାଧାକାନ୍ତ ବେହେରା, ପିତା: ମଣି ବେହେରା, ଜା: କୁମାର, ବା: ପୁରୁଣାବାଘଶୋଲା	
ପରବର୍ତ୍ତୀ ପୃଷ୍ଠା ଦେଖନ୍ତୁ
